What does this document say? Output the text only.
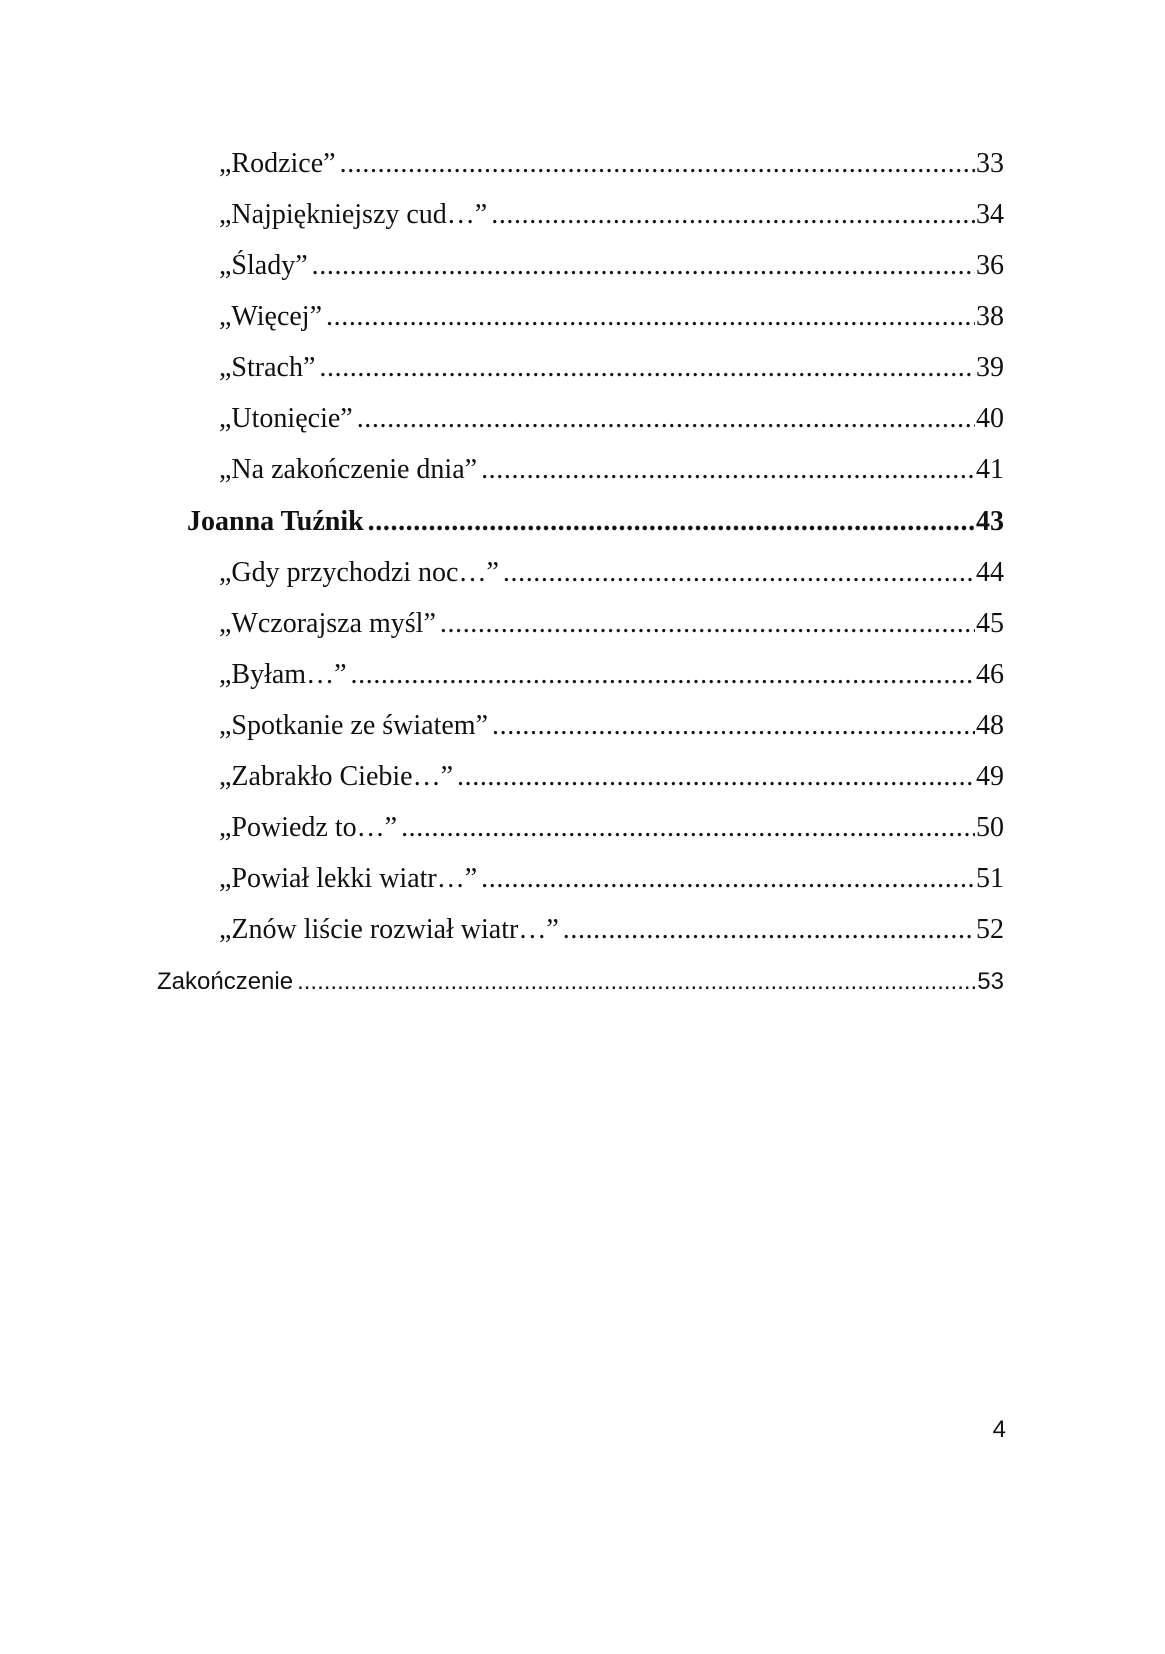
„Rodzice” .....	33
„Najpiękniejszy cud…” .....	34
„Ślady” .....	36
„Więcej” .....	38
„Strach” .....	39
„Utonięcie” .....	40
„Na zakończenie dnia” .....	41
Joanna Tuźnik .....	43
„Gdy przychodzi noc…” .....	44
„Wczorajsza myśl” .....	45
„Byłam…” .....	46
„Spotkanie ze światem” .....	48
„Zabrakło Ciebie…” .....	49
„Powiedz to…” .....	50
„Powiał lekki wiatr…” .....	51
„Znów liście rozwiał wiatr…” .....	52
Zakończenie .....	53
4
